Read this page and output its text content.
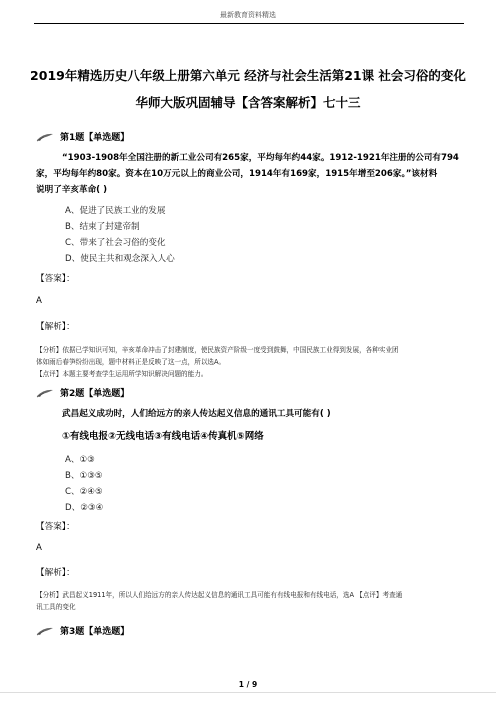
最新教育资料精选
2019年精选历史八年级上册第六单元 经济与社会生活第21课 社会习俗的变化
华师大版巩固辅导【含答案解析】七十三
第1题【单选题】
“1903-1908年全国注册的新工业公司有265家，平均每年约44家。1912-1921年注册的公司有794
家，平均每年约80家。资本在10万元以上的商业公司，1914年有169家，1915年增至206家。”该材料
说明了辛亥革命( )
A、促进了民族工业的发展
B、结束了封建帝制
C、带来了社会习俗的变化
D、使民主共和观念深入人心
【答案】：
A
【解析】：
【分析】依据已学知识可知，辛亥革命冲击了封建制度，使民族资产阶级一度受到鼓舞，中国民族工业得到发展，各种实业团
体如雨后春笋纷纷出现，题中材料正是反映了这一点，所以选A。
【点评】本题主要考查学生运用所学知识解决问题的能力。
第2题【单选题】
武昌起义成功时，人们给远方的亲人传达起义信息的通讯工具可能有( )
①有线电报②无线电话③有线电话④传真机⑤网络
A、①③
B、①③⑤
C、②④⑤
D、②③④
【答案】：
A
【解析】：
【分析】武昌起义1911年，所以人们给远方的亲人传达起义信息的通讯工具可能有有线电报和有线电话，选A 【点评】考查通
讯工具的变化
第3题【单选题】
1 / 9
